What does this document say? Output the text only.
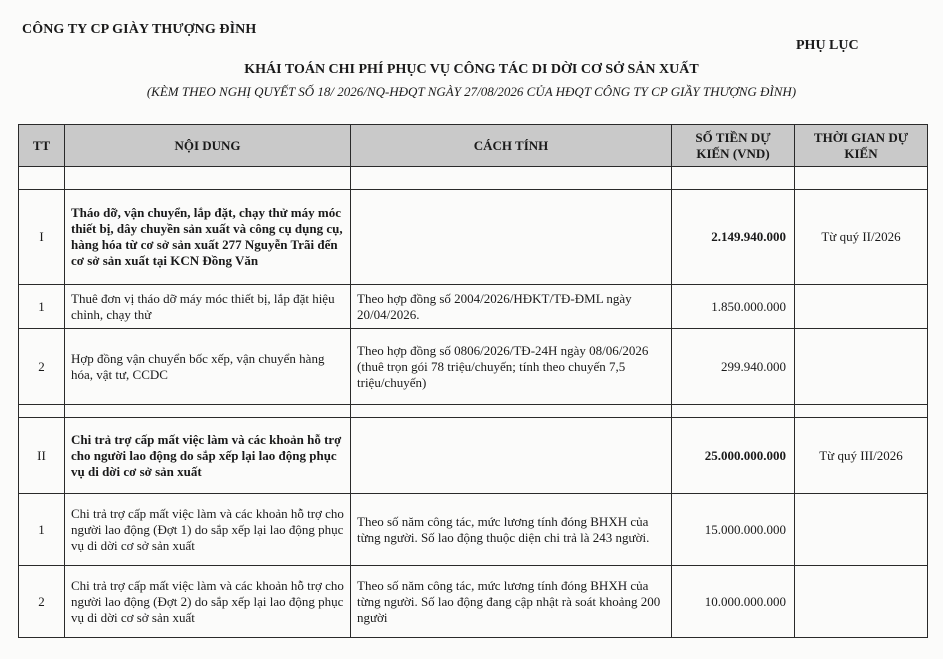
CÔNG TY CP GIÀY THƯỢNG ĐÌNH
PHỤ LỤC
KHÁI TOÁN CHI PHÍ PHỤC VỤ CÔNG TÁC DI DỜI CƠ SỞ SẢN XUẤT
(KÈM THEO NGHỊ QUYẾT SỐ 18/ 2026/NQ-HĐQT NGÀY 27/08/2026 CỦA HĐQT CÔNG TY CP GIẦY THƯỢNG ĐÌNH)
TT	NỘI DUNG	CÁCH TÍNH	SỐ TIỀN DỰ KIẾN (VND)	THỜI GIAN DỰ KIẾN

I	Tháo dỡ, vận chuyển, lắp đặt, chạy thử máy móc thiết bị, dây chuyền sản xuất và công cụ dụng cụ, hàng hóa từ cơ sở sản xuất 277 Nguyễn Trãi đến cơ sở sản xuất tại KCN Đồng Văn		2.149.940.000	Từ quý II/2026
1	Thuê đơn vị tháo dỡ máy móc thiết bị, lắp đặt hiệu chỉnh, chạy thử	Theo hợp đồng số 2004/2026/HĐKT/TĐ-ĐML ngày 20/04/2026.	1.850.000.000	
2	Hợp đồng vận chuyển bốc xếp, vận chuyển hàng hóa, vật tư, CCDC	Theo hợp đồng số 0806/2026/TĐ-24H ngày 08/06/2026 (thuê trọn gói 78 triệu/chuyến; tính theo chuyến 7,5 triệu/chuyến)	299.940.000	

II	Chi trả trợ cấp mất việc làm và các khoản hỗ trợ cho người lao động do sắp xếp lại lao động phục vụ di dời cơ sở sản xuất		25.000.000.000	Từ quý III/2026
1	Chi trả trợ cấp mất việc làm và các khoản hỗ trợ cho người lao động (Đợt 1) do sắp xếp lại lao động phục vụ di dời cơ sở sản xuất	Theo số năm công tác, mức lương tính đóng BHXH của từng người. Số lao động thuộc diện chi trả là 243 người.	15.000.000.000	
2	Chi trả trợ cấp mất việc làm và các khoản hỗ trợ cho người lao động (Đợt 2) do sắp xếp lại lao động phục vụ di dời cơ sở sản xuất	Theo số năm công tác, mức lương tính đóng BHXH của từng người. Số lao động đang cập nhật rà soát khoảng 200 người	10.000.000.000	
